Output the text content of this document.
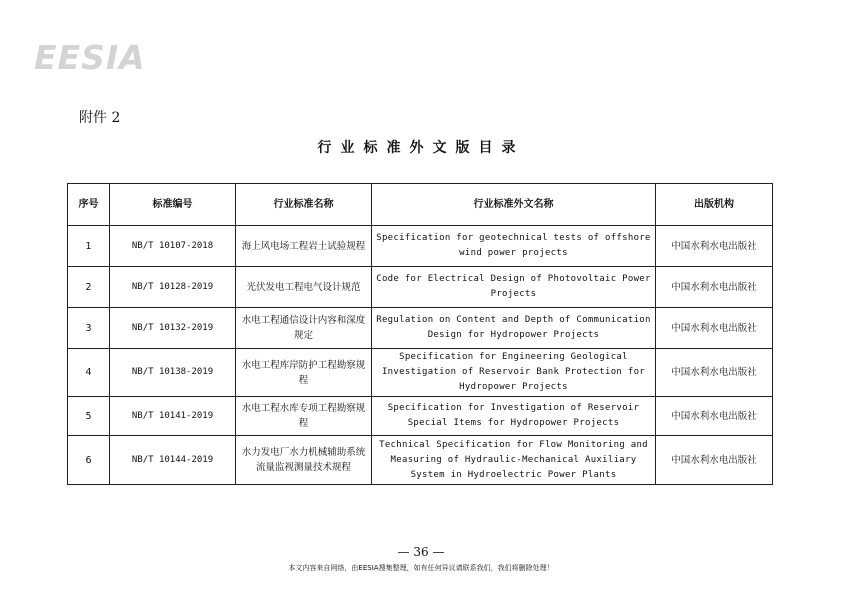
EESIA
附件 2
行业标准外文版目录
序号	标准编号	行业标准名称	行业标准外文名称	出版机构
1	NB/T 10107-2018	海上风电场工程岩土试验规程	Specification for geotechnical tests of offshore wind power projects	中国水利水电出版社
2	NB/T 10128-2019	光伏发电工程电气设计规范	Code for Electrical Design of Photovoltaic Power Projects	中国水利水电出版社
3	NB/T 10132-2019	水电工程通信设计内容和深度规定	Regulation on Content and Depth of Communication Design for Hydropower Projects	中国水利水电出版社
4	NB/T 10138-2019	水电工程库岸防护工程勘察规程	Specification for Engineering Geological Investigation of Reservoir Bank Protection for Hydropower Projects	中国水利水电出版社
5	NB/T 10141-2019	水电工程水库专项工程勘察规程	Specification for Investigation of Reservoir Special Items for Hydropower Projects	中国水利水电出版社
6	NB/T 10144-2019	水力发电厂水力机械辅助系统流量监视测量技术规程	Technical Specification for Flow Monitoring and Measuring of Hydraulic-Mechanical Auxiliary System in Hydroelectric Power Plants	中国水利水电出版社
— 36 —
本文内容来自网络，由EESIA搜集整理，如有任何异议请联系我们，我们将删除处理！
